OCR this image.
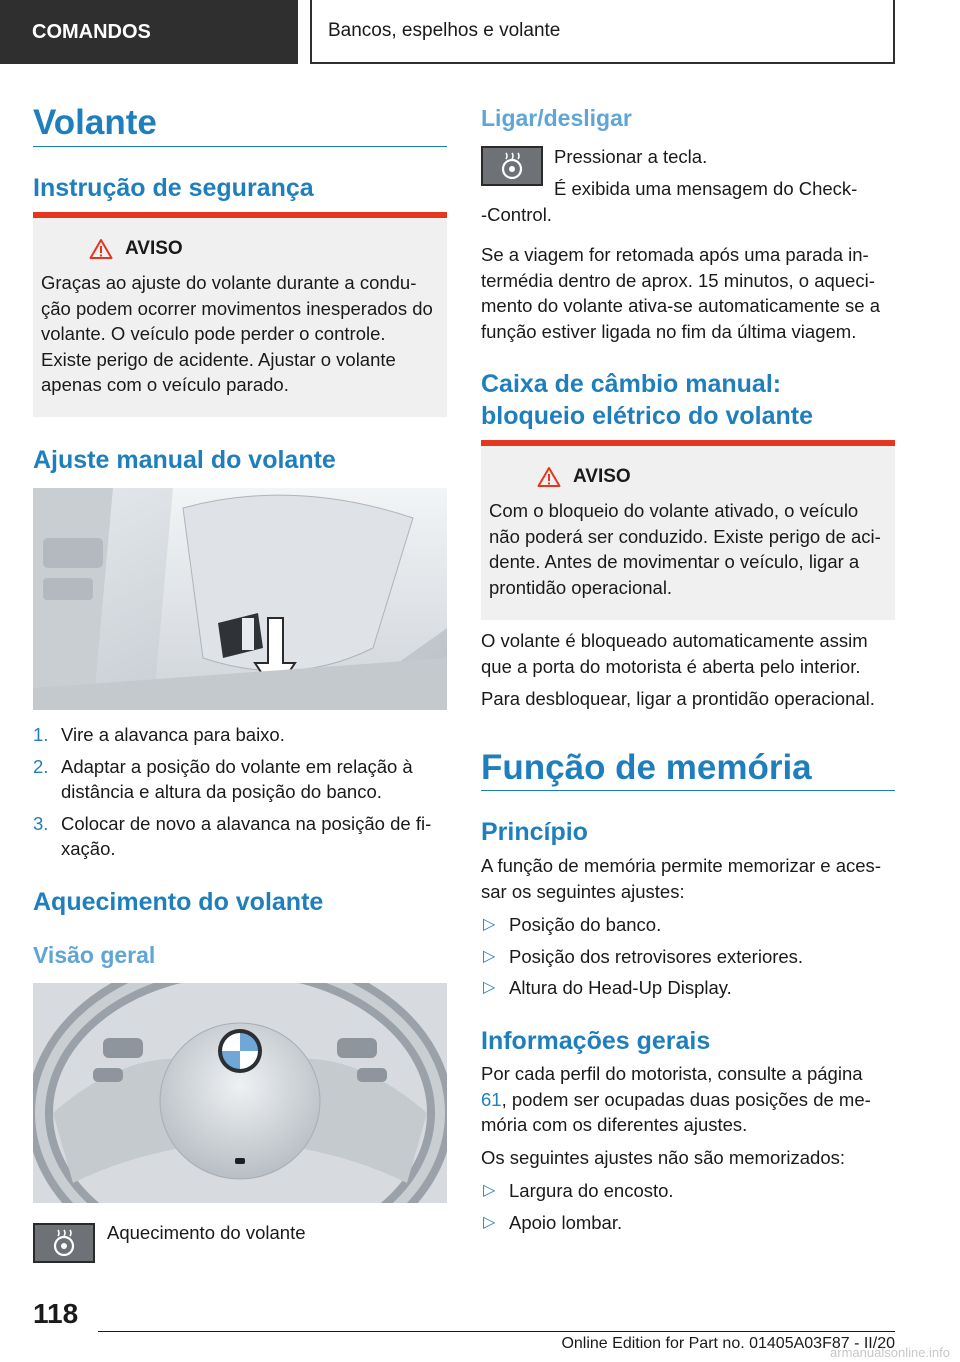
COMANDOS	Bancos, espelhos e volante
Volante
Instrução de segurança
AVISO
Graças ao ajuste do volante durante a condução podem ocorrer movimentos inesperados do volante. O veículo pode perder o controle. Existe perigo de acidente. Ajustar o volante apenas com o veículo parado.
Ajuste manual do volante
1. Vire a alavanca para baixo.
2. Adaptar a posição do volante em relação à distância e altura da posição do banco.
3. Colocar de novo a alavanca na posição de fixação.
Aquecimento do volante
Visão geral

Aquecimento do volante

Ligar/desligar

Pressionar a tecla.

É exibida uma mensagem do Check-

-Control.

Se a viagem for retomada após uma parada intermédia dentro de aprox. 15 minutos, o aquecimento do volante ativa-se automaticamente se a função estiver ligada no fim da última viagem.

Caixa de câmbio manual:
bloqueio elétrico do volante
AVISO
Com o bloqueio do volante ativado, o veículo não poderá ser conduzido. Existe perigo de acidente. Antes de movimentar o veículo, ligar a prontidão operacional.

O volante é bloqueado automaticamente assim que a porta do motorista é aberta pelo interior.

Para desbloquear, ligar a prontidão operacional.

Função de memória
Princípio

A função de memória permite memorizar e acessar os seguintes ajustes:

▷ Posição do banco.
▷ Posição dos retrovisores exteriores.
▷ Altura do Head-Up Display.
Informações gerais

Por cada perfil do motorista, consulte a página
61, podem ser ocupadas duas posições de memória com os diferentes ajustes.

Os seguintes ajustes não são memorizados:

▷ Largura do encosto.
▷ Apoio lombar.
118
Online Edition for Part no. 01405A03F87 - II/20
armanualsonline.info
